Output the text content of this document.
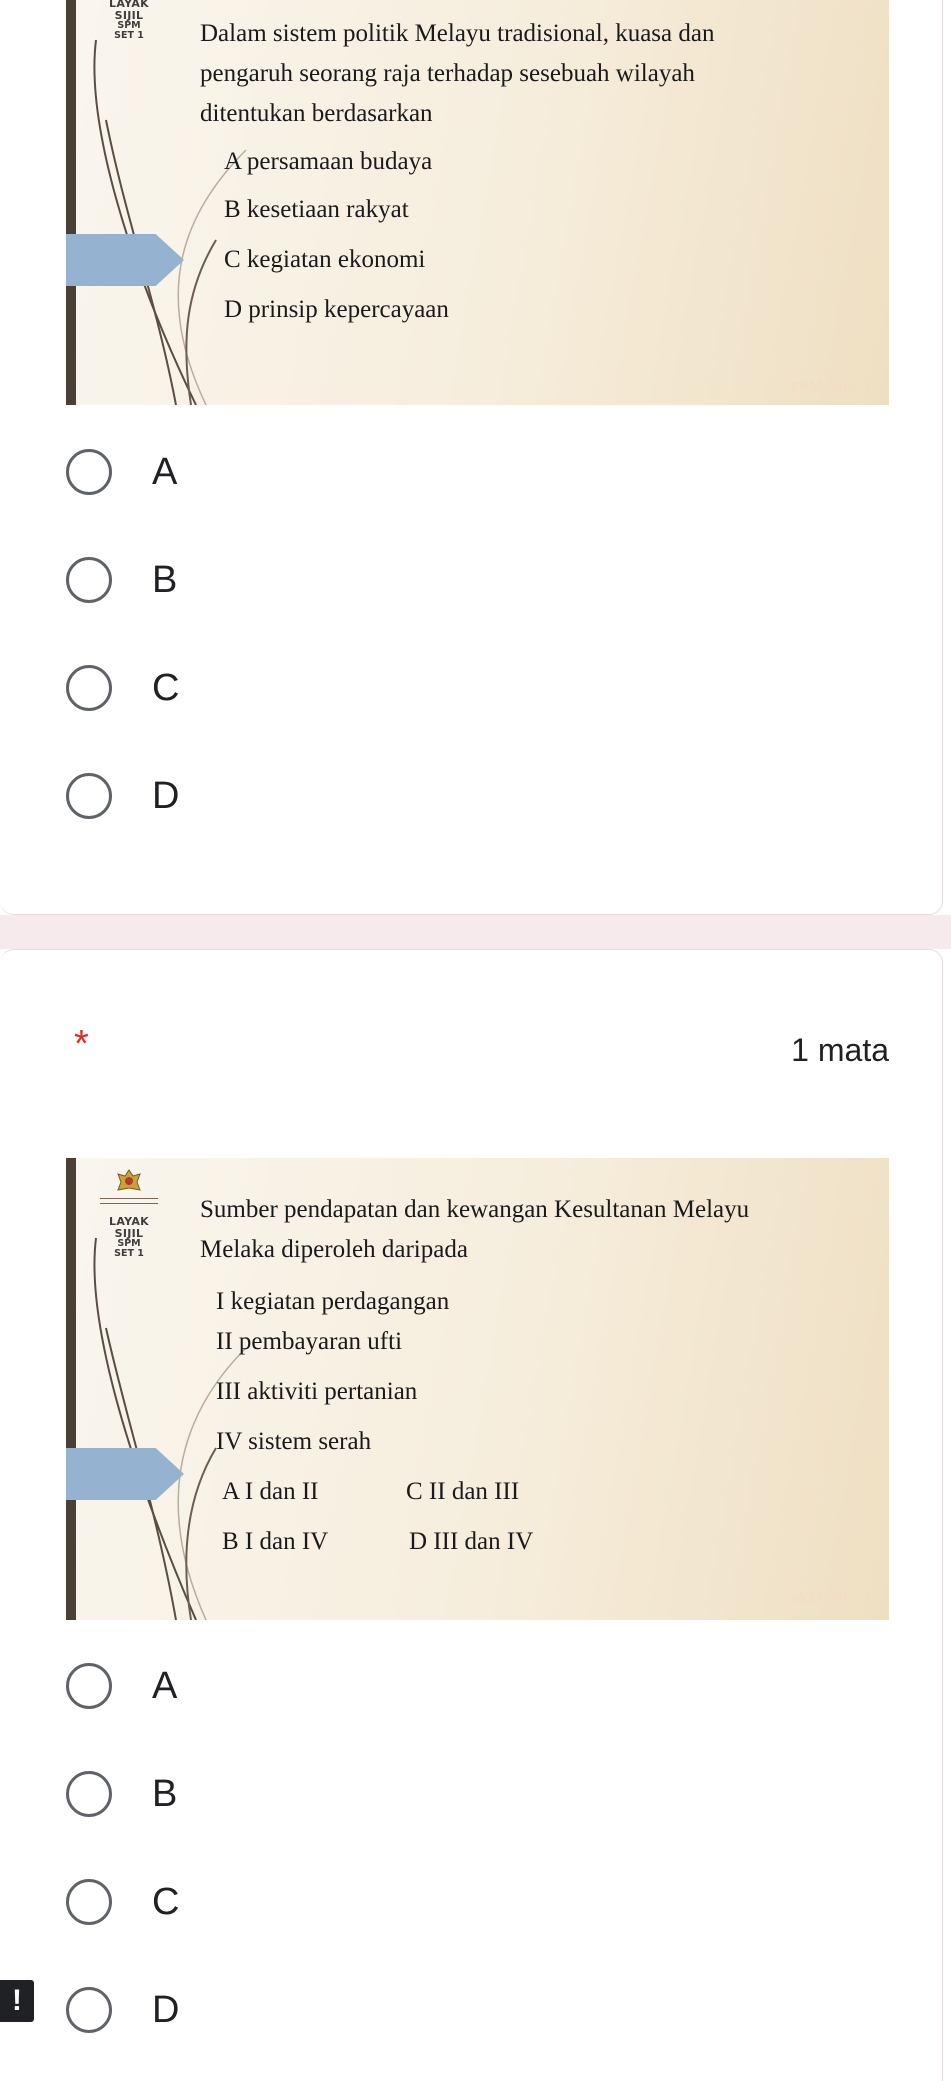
LAYAK SIJIL
SPM
SET 1	Dalam sistem politik Melayu tradisional, kuasa dan
pengaruh seorang raja terhadap sesebuah wilayah
ditentukan berdasarkan
A persamaan budaya
B kesetiaan rakyat
C kegiatan ekonomi
D prinsip kepercayaan
#KM_NO_1
A
B
C
D
*	1 mata
LAYAK SIJIL
SPM
SET 1
Sumber pendapatan dan kewangan Kesultanan Melayu
Melaka diperoleh daripada
I kegiatan perdagangan
II pembayaran ufti
III aktiviti pertanian
IV sistem serah
A I dan II	C II dan III
B I dan IV	D III dan IV
#KM_NO_1
A
B
C
D
!
